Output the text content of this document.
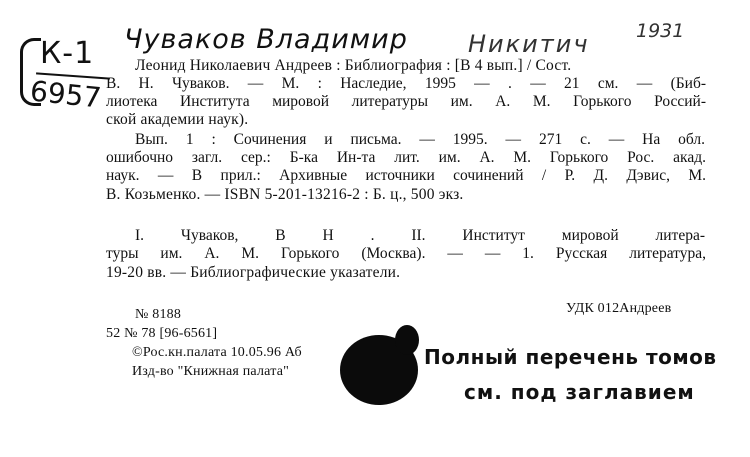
К-1
6957
Чуваков Владимир	Никитич 1931
Леонид Николаевич Андреев : Библиография : [В 4 вып.] / Сост.
В. Н. Чуваков. — М. : Наследие, 1995 — . — 21 см. — (Биб-
лиотека Института мировой литературы им. А. М. Горького Россий-
ской академии наук).
Вып. 1 : Сочинения и письма. — 1995. — 271 с. — На обл.
ошибочно загл. сер.: Б-ка Ин-та лит. им. А. М. Горького Рос. акад.
наук. — В прил.: Архивные источники сочинений / Р. Д. Дэвис, М.
В. Козьменко. — ISBN 5-201-13216-2 : Б. ц., 500 экз.
I. Чуваков, В Н . II. Институт мировой литера-
туры им. А. М. Горького (Москва). — — 1. Русская литература,
19-20 вв. — Библиографические указатели.
№ 8188	УДК 012Андреев
52 № 78 [96-6561]
©Рос.кн.палата 10.05.96 Аб
Изд-во "Книжная палата"
Полный перечень томов
см. под заглавием
